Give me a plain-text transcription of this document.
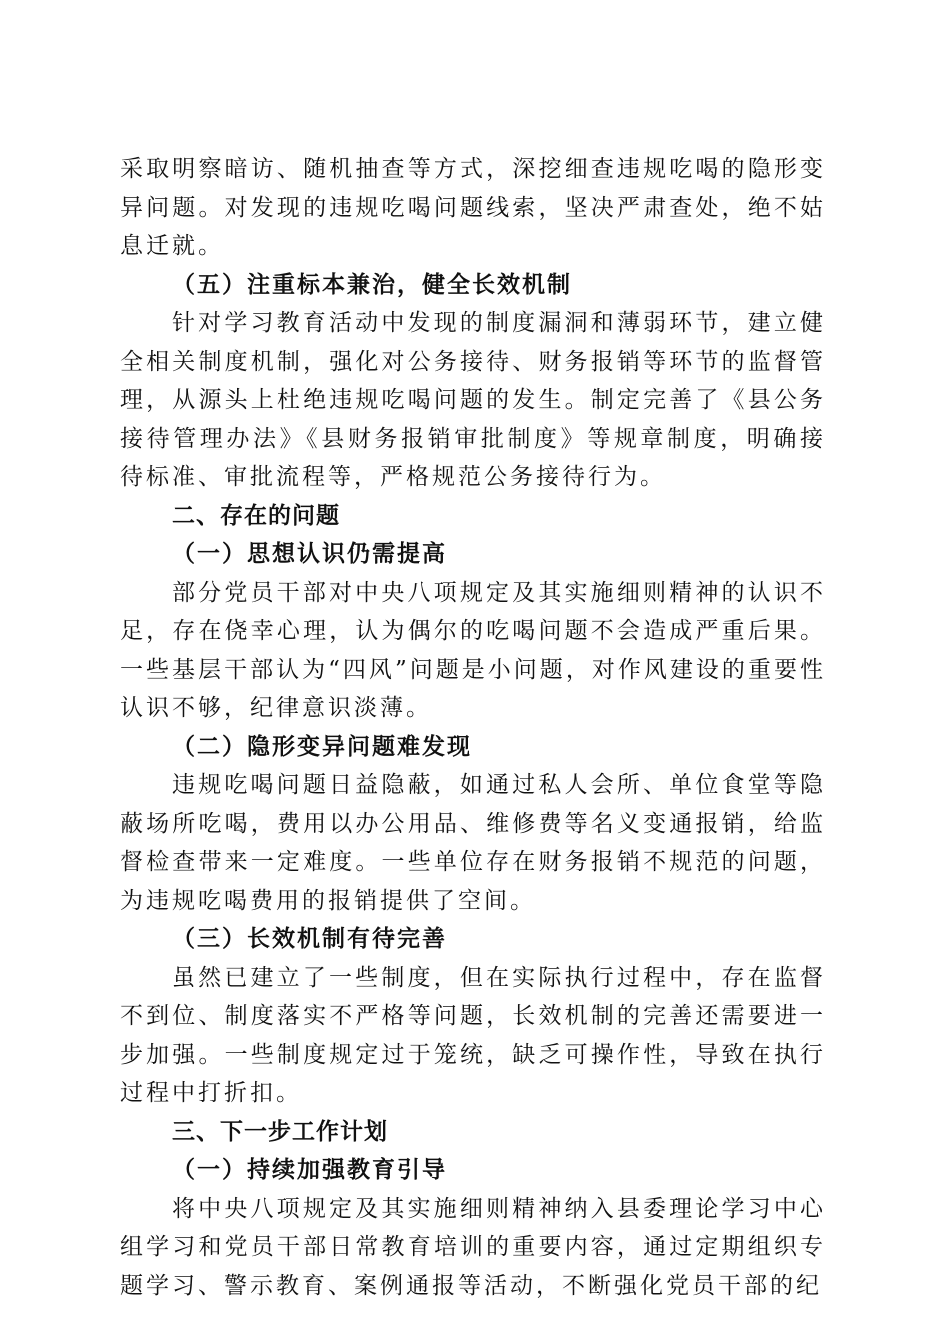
采取明察暗访、随机抽查等方式，深挖细查违规吃喝的隐形变异问题。对发现的违规吃喝问题线索，坚决严肃查处，绝不姑息迁就。

（五）注重标本兼治，健全长效机制

针对学习教育活动中发现的制度漏洞和薄弱环节，建立健全相关制度机制，强化对公务接待、财务报销等环节的监督管理，从源头上杜绝违规吃喝问题的发生。制定完善了《县公务接待管理办法》《县财务报销审批制度》等规章制度，明确接待标准、审批流程等，严格规范公务接待行为。

二、存在的问题

（一）思想认识仍需提高

部分党员干部对中央八项规定及其实施细则精神的认识不足，存在侥幸心理，认为偶尔的吃喝问题不会造成严重后果。一些基层干部认为“四风”问题是小问题，对作风建设的重要性认识不够，纪律意识淡薄。

（二）隐形变异问题难发现

违规吃喝问题日益隐蔽，如通过私人会所、单位食堂等隐蔽场所吃喝，费用以办公用品、维修费等名义变通报销，给监督检查带来一定难度。一些单位存在财务报销不规范的问题，为违规吃喝费用的报销提供了空间。

（三）长效机制有待完善

虽然已建立了一些制度，但在实际执行过程中，存在监督不到位、制度落实不严格等问题，长效机制的完善还需要进一步加强。一些制度规定过于笼统，缺乏可操作性，导致在执行过程中打折扣。

三、下一步工作计划

（一）持续加强教育引导

将中央八项规定及其实施细则精神纳入县委理论学习中心组学习和党员干部日常教育培训的重要内容，通过定期组织专题学习、警示教育、案例通报等活动，不断强化党员干部的纪
